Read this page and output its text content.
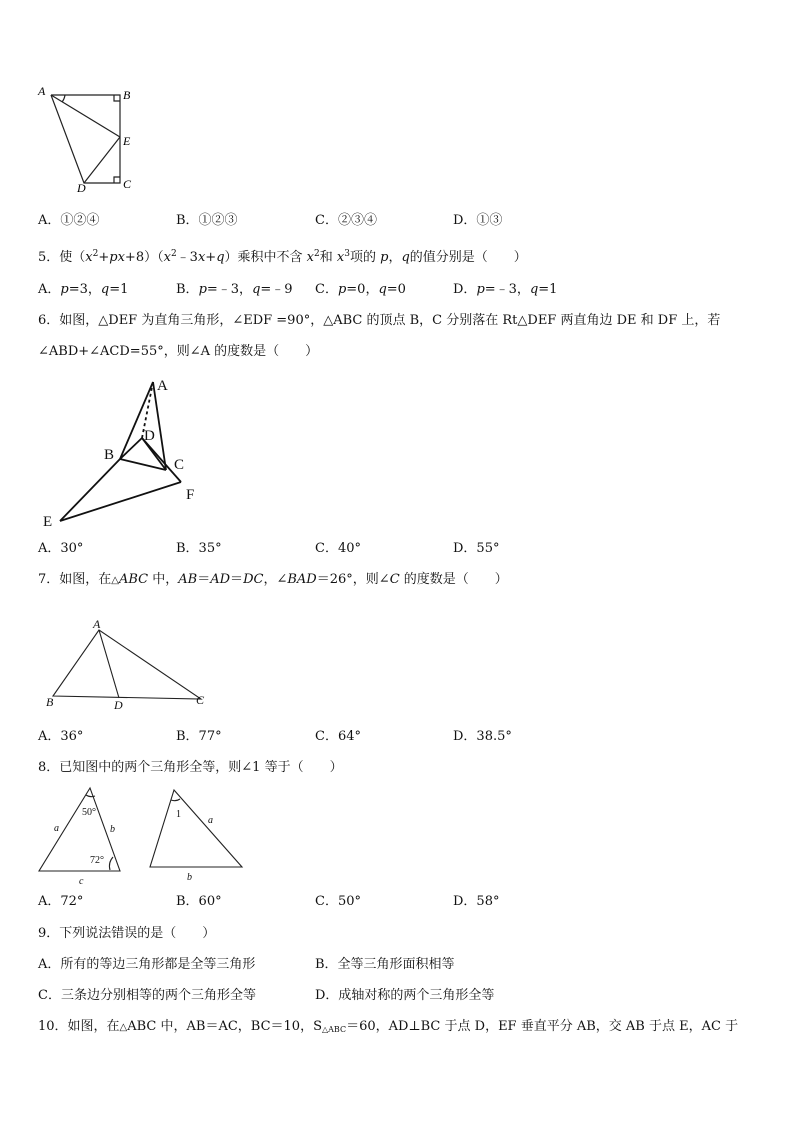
A	B
E
D	C
A．①②④	B．①②③	C．②③④	D．①③
5．使$(x^2+px+8)(x^2﹣3x+q)$乘积中不含 $x^2$和 $x^3$项的 p，q的值分别是（　　）
A．p=3，q=1	B．p=﹣3，q=﹣9 C．p=0，q=0	D．p=﹣3，q=1
6．如图，△DEF 为直角三角形，∠EDF =90°，△ABC 的顶点 B，C 分别落在 Rt△DEF 两直角边 DE 和 DF 上，若
∠ABD+∠ACD=55°，则∠A 的度数是（　　）
A
D
B
C
F
E
A．30°	B．35°	C．40°	D．55°
7．如图，在△ABC 中，AB＝AD＝DC，∠BAD＝26°，则∠C 的度数是（　　）
A
B	D	C
A．36°	B．77°	C．64°	D．38.5°
8．已知图中的两个三角形全等，则∠1 等于（　　）
50°
a	b
72°
c
1
a
b
A．72°	B．60°	C．50°	D．58°
9．下列说法错误的是（　　）
A．所有的等边三角形都是全等三角形	B．全等三角形面积相等
C．三条边分别相等的两个三角形全等	D．成轴对称的两个三角形全等
10．如图，在△ABC 中，AB＝AC，BC＝10，$S_{\triangle ABC}=60$，AD⊥BC 于点 D，EF 垂直平分 AB，交 AB 于点 E，AC 于
